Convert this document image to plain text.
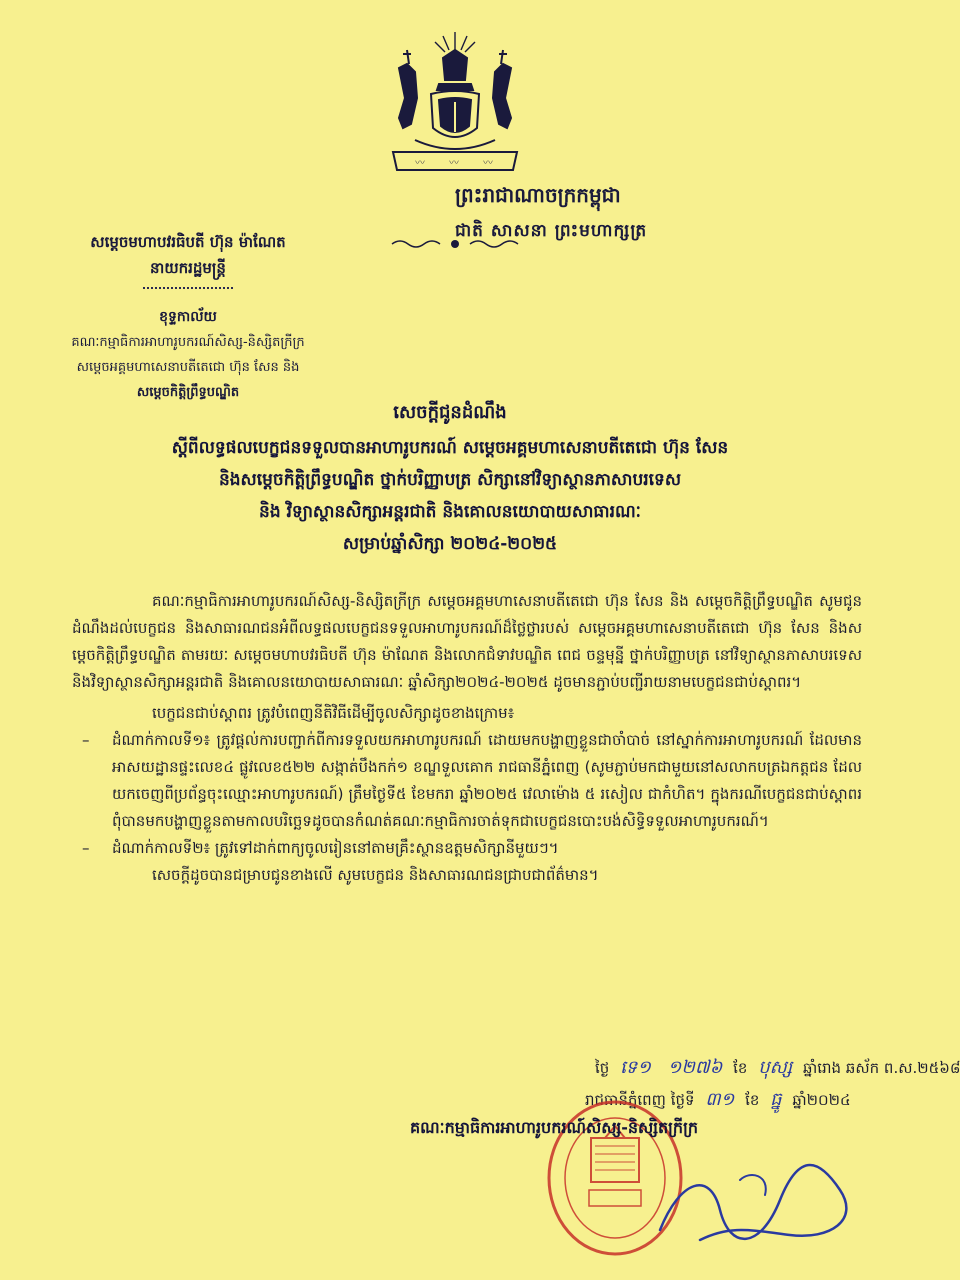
〰 〰 〰
ព្រះរាជាណាចក្រកម្ពុជា
ជាតិ សាសនា ព្រះមហាក្សត្រ
សម្ដេចមហាបវរធិបតី ហ៊ុន ម៉ាណែត
នាយករដ្ឋមន្ត្រី
ខុទ្ទកាល័យ
គណៈកម្មាធិការអាហារូបករណ៍សិស្ស-និស្សិតក្រីក្រ
សម្តេចអគ្គមហាសេនាបតីតេជោ ហ៊ុន សែន និង
សម្តេចកិត្តិព្រឹទ្ធបណ្ឌិត
សេចក្តីជូនដំណឹង
ស្តីពីលទ្ធផលបេក្ខជនទទួលបានអាហារូបករណ៍ សម្តេចអគ្គមហាសេនាបតីតេជោ ហ៊ុន សែន
និងសម្តេចកិត្តិព្រឹទ្ធបណ្ឌិត ថ្នាក់បរិញ្ញាបត្រ សិក្សានៅវិទ្យាស្ថានភាសាបរទេស
និង វិទ្យាស្ថានសិក្សាអន្តរជាតិ និងគោលនយោបាយសាធារណៈ
សម្រាប់ឆ្នាំសិក្សា ២០២៤-២០២៥

គណៈកម្មាធិការអាហារូបករណ៍សិស្ស-និស្សិតក្រីក្រ សម្តេចអគ្គមហាសេនាបតីតេជោ ហ៊ុន សែន និង សម្តេចកិត្តិព្រឹទ្ធបណ្ឌិត សូមជូនដំណឹងដល់បេក្ខជន និងសាធារណជនអំពីលទ្ធផលបេក្ខជនទទួលអាហារូបករណ៍ដ៏ថ្លៃថ្លារបស់ សម្តេចអគ្គមហាសេនាបតីតេជោ ហ៊ុន សែន និងសម្តេចកិត្តិព្រឹទ្ធបណ្ឌិត តាមរយៈ សម្តេចមហាបវរធិបតី ហ៊ុន ម៉ាណែត និងលោកជំទាវបណ្ឌិត ពេជ ចន្ទមុន្នី ថ្នាក់បរិញ្ញាបត្រ នៅវិទ្យាស្ថានភាសាបរទេស និងវិទ្យាស្ថានសិក្សាអន្តរជាតិ និងគោលនយោបាយសាធារណៈ ឆ្នាំសិក្សា២០២៤-២០២៥ ដូចមានភ្ជាប់បញ្ជីរាយនាមបេក្ខជនជាប់ស្ដាពរ។

បេក្ខជនជាប់ស្ដាពរ ត្រូវបំពេញនីតិវិធីដើម្បីចូលសិក្សាដូចខាងក្រោម៖

– ដំណាក់កាលទី១៖ ត្រូវផ្តល់ការបញ្ជាក់ពីការទទួលយកអាហារូបករណ៍ ដោយមកបង្ហាញខ្លួនជាចាំបាច់ នៅស្នាក់ការអាហារូបករណ៍ ដែលមានអាសយដ្ឋានផ្ទះលេខ៤ ផ្លូវលេខ៥២២ សង្កាត់បឹងកក់១ ខណ្ឌទួលគោក រាជធានីភ្នំពេញ (សូមភ្ជាប់មកជាមួយនៅសលាកបត្រឯកត្តជន ដែលយកចេញពីប្រព័ន្ធចុះឈ្មោះអាហារូបករណ៍) ត្រឹមថ្ងៃទី៥ ខែមករា ឆ្នាំ២០២៥ វេលាម៉ោង ៥ រសៀល ជាកំហិត។ ក្នុងករណីបេក្ខជនជាប់ស្ដាពរ ពុំបានមកបង្ហាញខ្លួនតាមកាលបរិច្ឆេទដូចបានកំណត់គណៈកម្មាធិការចាត់ទុកជាបេក្ខជនបោះបង់សិទ្ធិទទួលអាហារូបករណ៍។

– ដំណាក់កាលទី២៖ ត្រូវទៅដាក់ពាក្យចូលរៀននៅតាមគ្រឹះស្ថានឧត្តមសិក្សានីមួយៗ។

សេចក្តីដូចបានជម្រាបជូនខាងលើ សូមបេក្ខជន និងសាធារណជនជ្រាបជាព័ត៌មាន។

ថ្ងៃ ទេ១ ១២៧៦ ខែ បុស្ស ឆ្នាំរោង ឆស័ក ព.ស.២៥៦៨
រាជធានីភ្នំពេញ ថ្ងៃទី ៣១ ខែ ធ្នូ ឆ្នាំ២០២៤
គណៈកម្មាធិការអាហារូបករណ៍សិស្ស-និស្សិតក្រីក្រ
